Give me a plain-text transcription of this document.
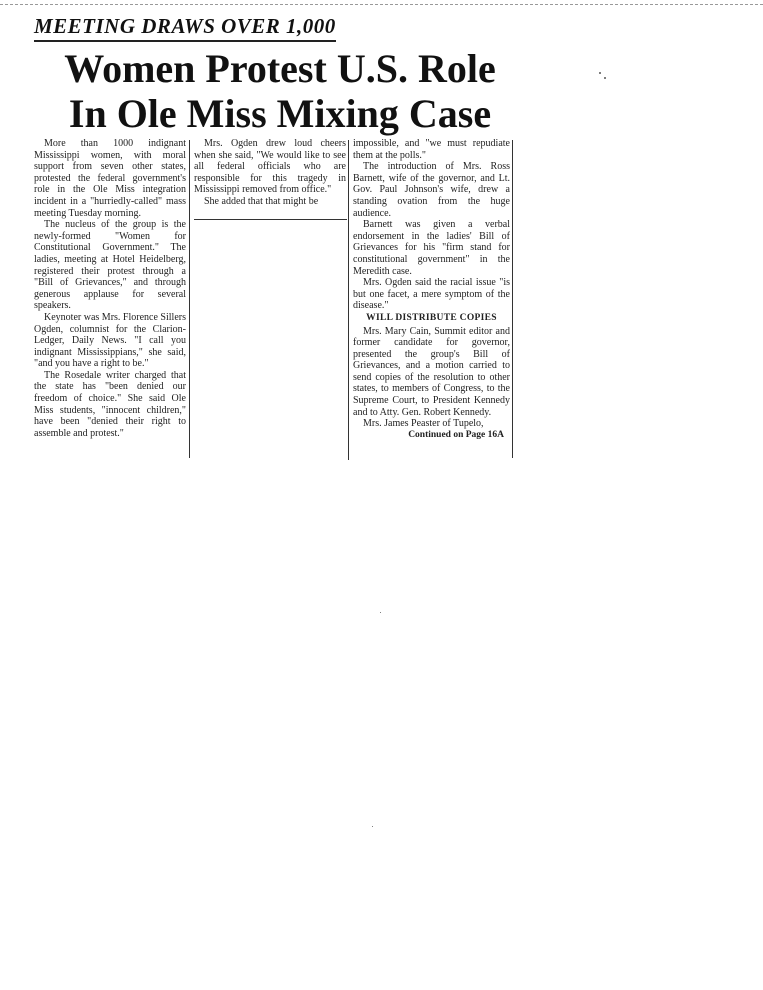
MEETING DRAWS OVER 1,000
Women Protest U.S. Role
In Ole Miss Mixing Case

More than 1000 indignant Mississippi women, with moral support from seven other states, protested the federal government's role in the Ole Miss integration incident in a "hurriedly-called" mass meeting Tuesday morning.

The nucleus of the group is the newly-formed "Women for Constitutional Government." The ladies, meeting at Hotel Heidelberg, registered their protest through a "Bill of Grievances," and through generous applause for several speakers.

Keynoter was Mrs. Florence Sillers Ogden, columnist for the Clarion-Ledger, Daily News. "I call you indignant Mississippians," she said, "and you have a right to be."

The Rosedale writer charged that the state has "been denied our freedom of choice." She said Ole Miss students, "innocent children," have been "denied their right to assemble and protest."

Mrs. Ogden drew loud cheers when she said, "We would like to see all federal officials who are responsible for this tragedy in Mississippi removed from office."

She added that that might be

impossible, and "we must repudiate them at the polls."

The introduction of Mrs. Ross Barnett, wife of the governor, and Lt. Gov. Paul Johnson's wife, drew a standing ovation from the huge audience.

Barnett was given a verbal endorsement in the ladies' Bill of Grievances for his "firm stand for constitutional government" in the Meredith case.

Mrs. Ogden said the racial issue "is but one facet, a mere symptom of the disease."

WILL DISTRIBUTE COPIES

Mrs. Mary Cain, Summit editor and former candidate for governor, presented the group's Bill of Grievances, and a motion carried to send copies of the resolution to other states, to members of Congress, to the Supreme Court, to President Kennedy and to Atty. Gen. Robert Kennedy.

Mrs. James Peaster of Tupelo,

Continued on Page 16A
